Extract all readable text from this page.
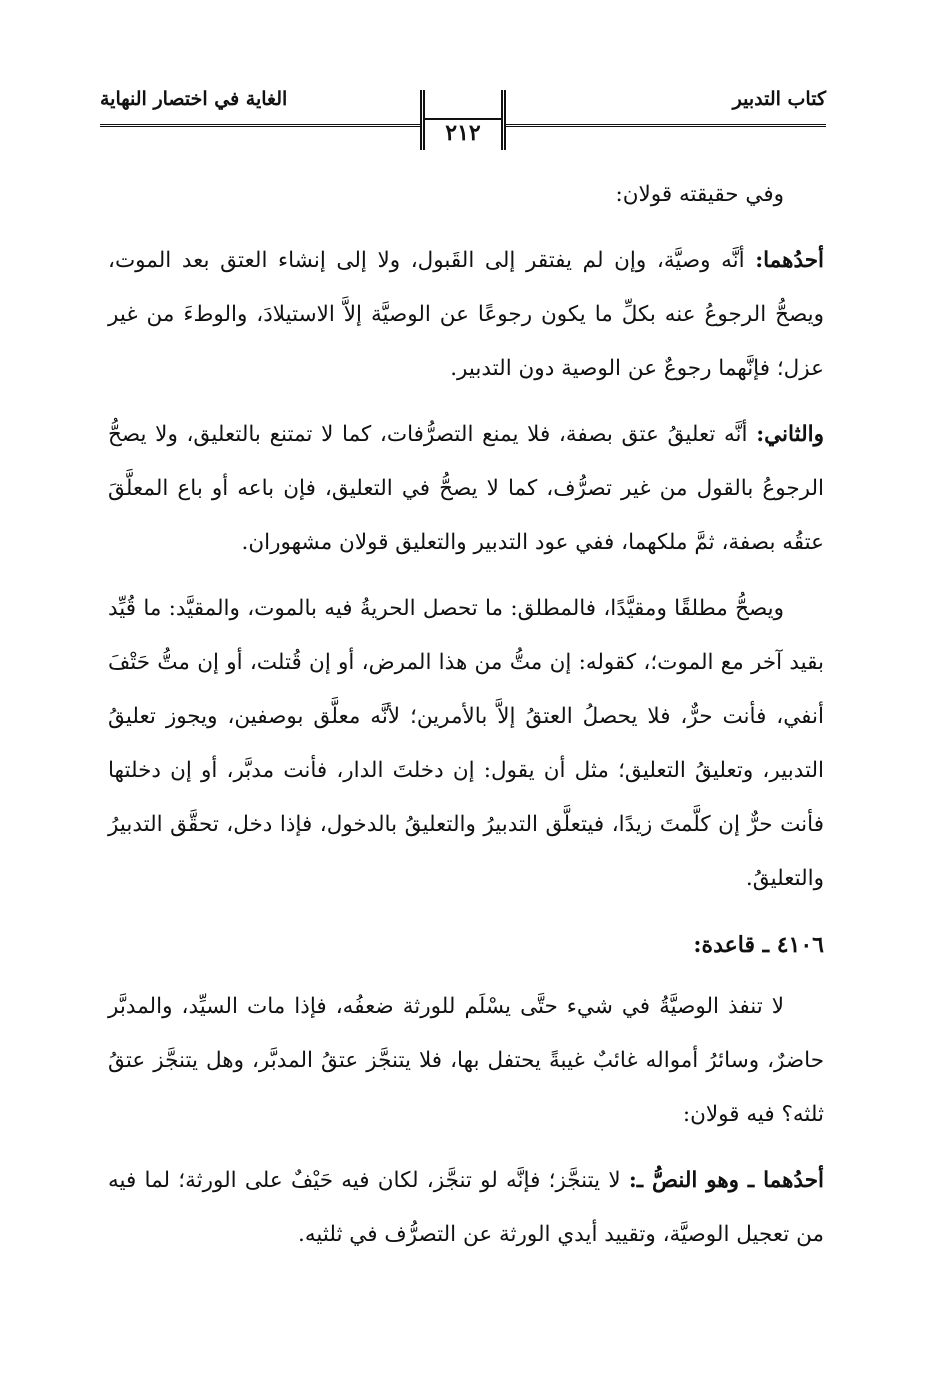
كتاب التدبير
الغاية في اختصار النهاية
٢١٢

وفي حقيقته قولان:

أحدُهما: أنَّه وصيَّة، وإن لم يفتقر إلى القَبول، ولا إلى إنشاء العتق بعد الموت، ويصحُّ الرجوعُ عنه بكلِّ ما يكون رجوعًا عن الوصيَّة إلاَّ الاستيلادَ، والوطءَ من غير عزل؛ فإنَّهما رجوعٌ عن الوصية دون التدبير.

والثاني: أنَّه تعليقُ عتق بصفة، فلا يمنع التصرُّفات، كما لا تمتنع بالتعليق، ولا يصحُّ الرجوعُ بالقول من غير تصرُّف، كما لا يصحُّ في التعليق، فإن باعه أو باع المعلَّقَ عتقُه بصفة، ثمَّ ملكهما، ففي عود التدبير والتعليق قولان مشهوران.

ويصحُّ مطلقًا ومقيَّدًا، فالمطلق: ما تحصل الحريةُ فيه بالموت، والمقيَّد: ما قُيِّد بقيد آخر مع الموت؛، كقوله: إن متُّ من هذا المرض، أو إن قُتلت، أو إن متُّ حَتْفَ أنفي، فأنت حرٌّ، فلا يحصلُ العتقُ إلاَّ بالأمرين؛ لأنَّه معلَّق بوصفين، ويجوز تعليقُ التدبير، وتعليقُ التعليق؛ مثل أن يقول: إن دخلتَ الدار، فأنت مدبَّر، أو إن دخلتها فأنت حرٌّ إن كلَّمتَ زيدًا، فيتعلَّق التدبيرُ والتعليقُ بالدخول، فإذا دخل، تحقَّق التدبيرُ والتعليقُ.

٤١٠٦ ـ قاعدة:

لا تنفذ الوصيَّةُ في شيء حتَّى يسْلَم للورثة ضعفُه، فإذا مات السيِّد، والمدبَّر حاضرٌ، وسائرُ أمواله غائبٌ غيبةً يحتفل بها، فلا يتنجَّز عتقُ المدبَّر، وهل يتنجَّز عتقُ ثلثه؟ فيه قولان:

أحدُهما ـ وهو النصُّ ـ: لا يتنجَّز؛ فإنَّه لو تنجَّز، لكان فيه حَيْفٌ على الورثة؛ لما فيه من تعجيل الوصيَّة، وتقييد أيدي الورثة عن التصرُّف في ثلثيه.
